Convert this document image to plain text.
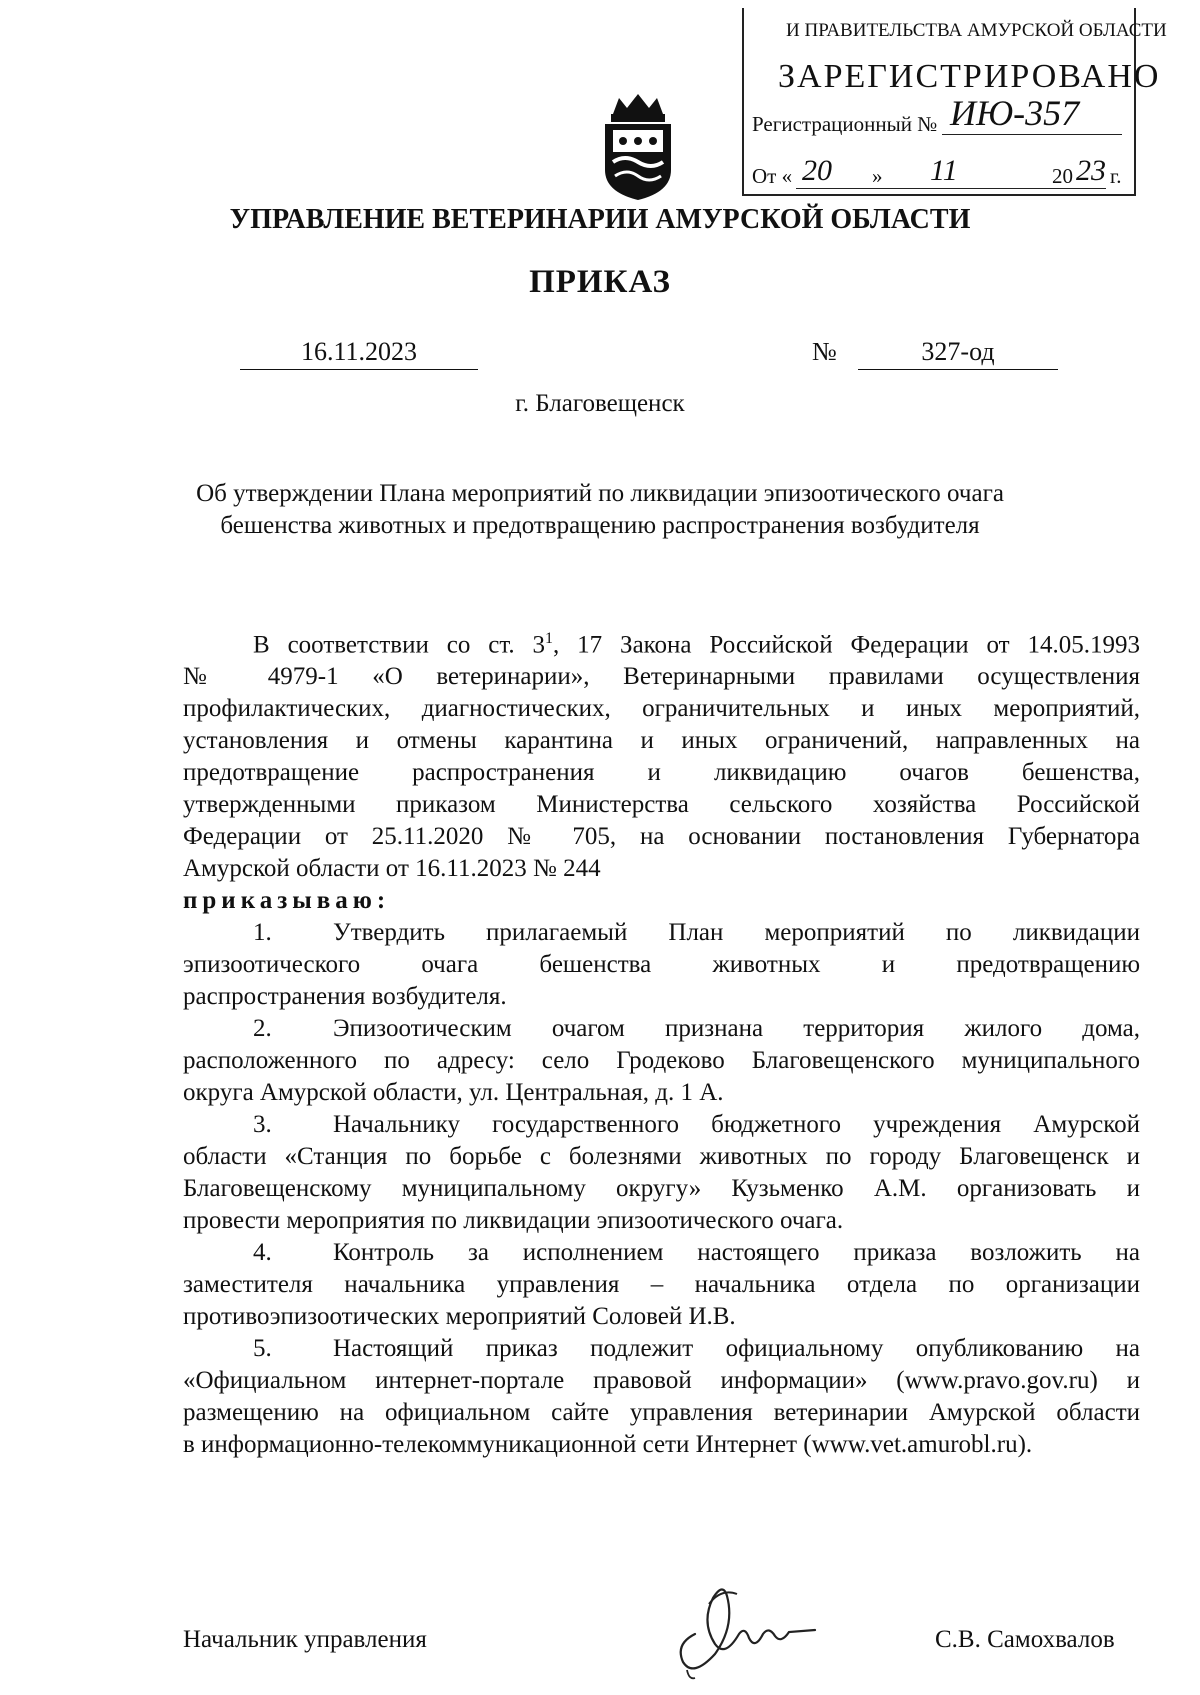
И ПРАВИТЕЛЬСТВА АМУРСКОЙ ОБЛАСТИ
ЗАРЕГИСТРИРОВАНО
Регистрационный № ИЮ-357
От « 20 » 11	20 23 г.
УПРАВЛЕНИЕ ВЕТЕРИНАРИИ АМУРСКОЙ ОБЛАСТИ
ПРИКАЗ
16.11.2023	№	327-од
г. Благовещенск
Об утверждении Плана мероприятий по ликвидации эпизоотического очага
бешенства животных и предотвращению распространения возбудителя
В соответствии со ст. $3^1$, 17 Закона Российской Федерации от 14.05.1993
№ 4979-1 «О ветеринарии», Ветеринарными правилами осуществления
профилактических, диагностических, ограничительных и иных мероприятий,
установления и отмены карантина и иных ограничений, направленных на
предотвращение распространения и ликвидацию очагов бешенства,
утвержденными приказом Министерства сельского хозяйства Российской
Федерации от 25.11.2020 № 705, на основании постановления Губернатора
Амурской области от 16.11.2023 № 244
приказываю:
1. Утвердить прилагаемый План мероприятий по ликвидации
эпизоотического очага бешенства животных и предотвращению
распространения возбудителя.
2. Эпизоотическим очагом признана территория жилого дома,
расположенного по адресу: село Гродеково Благовещенского муниципального
округа Амурской области, ул. Центральная, д. 1 А.
3. Начальнику государственного бюджетного учреждения Амурской
области «Станция по борьбе с болезнями животных по городу Благовещенск и
Благовещенскому муниципальному округу» Кузьменко А.М. организовать и
провести мероприятия по ликвидации эпизоотического очага.
4. Контроль за исполнением настоящего приказа возложить на
заместителя начальника управления – начальника отдела по организации
противоэпизоотических мероприятий Соловей И.В.
5. Настоящий приказ подлежит официальному опубликованию на
«Официальном интернет-портале правовой информации» (www.pravo.gov.ru) и
размещению на официальном сайте управления ветеринарии Амурской области
в информационно-телекоммуникационной сети Интернет (www.vet.amurobl.ru).
Начальник управления	С.В. Самохвалов
